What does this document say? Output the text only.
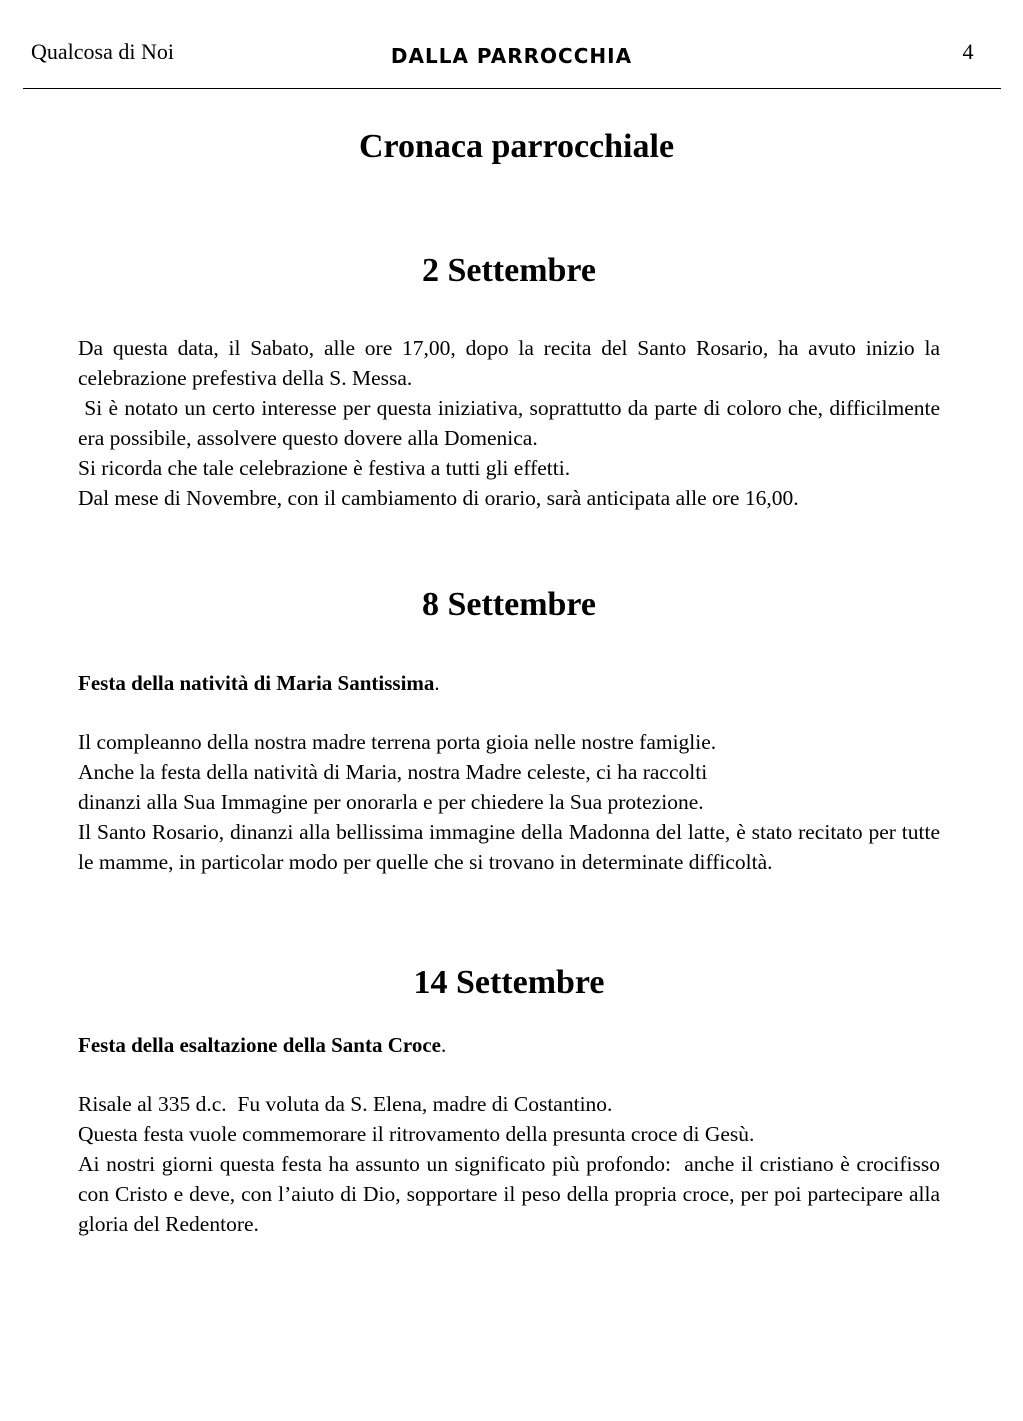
Qualcosa di Noi	DALLA PARROCCHIA	4
Cronaca parrocchiale
2 Settembre

Da questa data, il Sabato, alle ore 17,00, dopo la recita del Santo Rosario, ha avuto inizio la celebrazione prefestiva della S. Messa.

Si è notato un certo interesse per questa iniziativa, soprattutto da parte di coloro che, difficilmente era possibile, assolvere questo dovere alla Domenica.

Si ricorda che tale celebrazione è festiva a tutti gli effetti.

Dal mese di Novembre, con il cambiamento di orario, sarà anticipata alle ore 16,00.

8 Settembre
Festa della natività di Maria Santissima.

Il compleanno della nostra madre terrena porta gioia nelle nostre famiglie.

Anche la festa della natività di Maria, nostra Madre celeste, ci ha raccolti

dinanzi alla Sua Immagine per onorarla e per chiedere la Sua protezione.

Il Santo Rosario, dinanzi alla bellissima immagine della Madonna del latte, è stato recitato per tutte le mamme, in particolar modo per quelle che si trovano in determinate difficoltà.

14 Settembre
Festa della esaltazione della Santa Croce.

Risale al 335 d.c.  Fu voluta da S. Elena, madre di Costantino.

Questa festa vuole commemorare il ritrovamento della presunta croce di Gesù.

Ai nostri giorni questa festa ha assunto un significato più profondo:  anche il cristiano è crocifisso con Cristo e deve, con l’aiuto di Dio, sopportare il peso della propria croce, per poi partecipare alla gloria del Redentore.
